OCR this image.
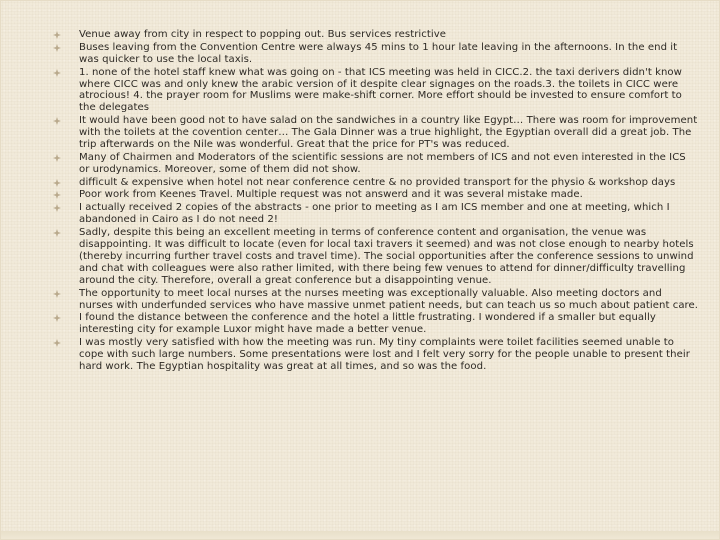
Venue away from city in respect to popping out. Bus services restrictive
Buses leaving from the Convention Centre were always 45 mins to 1 hour late leaving in the afternoons. In the end it was quicker to use the local taxis.
1. none of the hotel staff knew what was going on - that ICS meeting was held in CICC.2. the taxi derivers didn't know where CICC was and only knew the arabic version of it despite clear signages on the roads.3. the toilets in CICC were atrocious! 4. the prayer room for Muslims were make-shift corner. More effort should be invested to ensure comfort to the delegates
It would have been good not to have salad on the sandwiches in a country like Egypt… There was room for improvement with the toilets at the covention center… The Gala Dinner was a true highlight, the Egyptian overall did a great job. The trip afterwards on the Nile was wonderful. Great that the price for PT's was reduced.
Many of Chairmen and Moderators of the scientific sessions are not members of ICS and not even interested in the ICS or urodynamics. Moreover, some of them did not show.
difficult & expensive when hotel not near conference centre & no provided transport for the physio & workshop days
Poor work from Keenes Travel. Multiple request was not answerd and it was several mistake made.
I actually received 2 copies of the abstracts - one prior to meeting as I am ICS member and one at meeting, which I abandoned in Cairo as I do not need 2!
Sadly, despite this being an excellent meeting in terms of conference content and organisation, the venue was disappointing. It was difficult to locate (even for local taxi travers it seemed) and was not close enough to nearby hotels (thereby incurring further travel costs and travel time). The social opportunities after the conference sessions to unwind and chat with colleagues were also rather limited, with there being few venues to attend for dinner/difficulty travelling around the city. Therefore, overall a great conference but a disappointing venue.
The opportunity to meet local nurses at the nurses meeting was exceptionally valuable. Also meeting doctors and nurses with underfunded services who have massive unmet patient needs, but can teach us so much about patient care.
I found the distance between the conference and the hotel a little frustrating. I wondered if a smaller but equally interesting city for example Luxor might have made a better venue.
I was mostly very satisfied with how the meeting was run. My tiny complaints were toilet facilities seemed unable to cope with such large numbers. Some presentations were lost and I felt very sorry for the people unable to present their hard work. The Egyptian hospitality was great at all times, and so was the food.
